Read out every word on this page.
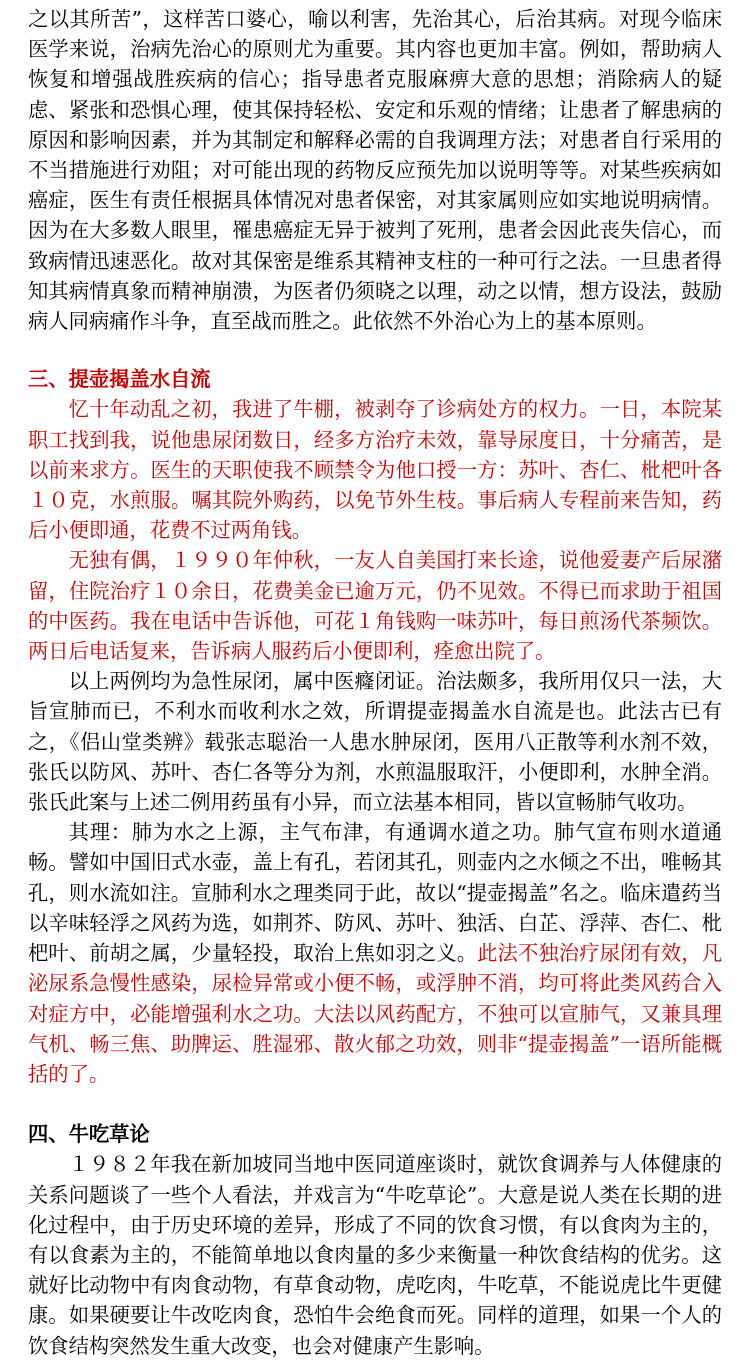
之以其所苦”，这样苦口婆心，喻以利害，先治其心，后治其病。对现今临床医学来说，治病先治心的原则尤为重要。其内容也更加丰富。例如，帮助病人恢复和增强战胜疾病的信心；指导患者克服麻痹大意的思想；消除病人的疑虑、紧张和恐惧心理，使其保持轻松、安定和乐观的情绪；让患者了解患病的原因和影响因素，并为其制定和解释必需的自我调理方法；对患者自行采用的不当措施进行劝阻；对可能出现的药物反应预先加以说明等等。对某些疾病如癌症，医生有责任根据具体情况对患者保密，对其家属则应如实地说明病情。因为在大多数人眼里，罹患癌症无异于被判了死刑，患者会因此丧失信心，而致病情迅速恶化。故对其保密是维系其精神支柱的一种可行之法。一旦患者得知其病情真象而精神崩溃，为医者仍须晓之以理，动之以情，想方设法，鼓励病人同病痛作斗争，直至战而胜之。此依然不外治心为上的基本原则。

三、提壶揭盖水自流

忆十年动乱之初，我进了牛棚，被剥夺了诊病处方的权力。一日，本院某职工找到我，说他患尿闭数日，经多方治疗未效，靠导尿度日，十分痛苦，是以前来求方。医生的天职使我不顾禁令为他口授一方：苏叶、杏仁、枇杷叶各１０克，水煎服。嘱其院外购药，以免节外生枝。事后病人专程前来告知，药后小便即通，花费不过两角钱。

无独有偶，１９９０年仲秋，一友人自美国打来长途，说他爱妻产后尿潴留，住院治疗１０余日，花费美金已逾万元，仍不见效。不得已而求助于祖国的中医药。我在电话中告诉他，可花１角钱购一味苏叶，每日煎汤代茶频饮。两日后电话复来，告诉病人服药后小便即利，痊愈出院了。

以上两例均为急性尿闭，属中医癃闭证。治法颇多，我所用仅只一法，大旨宣肺而已，不利水而收利水之效，所谓提壶揭盖水自流是也。此法古已有之，《侣山堂类辨》载张志聪治一人患水肿尿闭，医用八正散等利水剂不效，张氏以防风、苏叶、杏仁各等分为剂，水煎温服取汗，小便即利，水肿全消。张氏此案与上述二例用药虽有小异，而立法基本相同，皆以宣畅肺气收功。

其理：肺为水之上源，主气布津，有通调水道之功。肺气宣布则水道通畅。譬如中国旧式水壶，盖上有孔，若闭其孔，则壶内之水倾之不出，唯畅其孔，则水流如注。宣肺利水之理类同于此，故以“提壶揭盖”名之。临床遣药当以辛味轻浮之风药为选，如荆芥、防风、苏叶、独活、白芷、浮萍、杏仁、枇杷叶、前胡之属，少量轻投，取治上焦如羽之义。此法不独治疗尿闭有效，凡泌尿系急慢性感染，尿检异常或小便不畅，或浮肿不消，均可将此类风药合入对症方中，必能增强利水之功。大法以风药配方，不独可以宣肺气，又兼具理气机、畅三焦、助脾运、胜湿邪、散火郁之功效，则非“提壶揭盖”一语所能概括的了。

四、牛吃草论

１９８２年我在新加坡同当地中医同道座谈时，就饮食调养与人体健康的关系问题谈了一些个人看法，并戏言为“牛吃草论”。大意是说人类在长期的进化过程中，由于历史环境的差异，形成了不同的饮食习惯，有以食肉为主的，有以食素为主的，不能简单地以食肉量的多少来衡量一种饮食结构的优劣。这就好比动物中有肉食动物，有草食动物，虎吃肉，牛吃草，不能说虎比牛更健康。如果硬要让牛改吃肉食，恐怕牛会绝食而死。同样的道理，如果一个人的饮食结构突然发生重大改变，也会对健康产生影响。
